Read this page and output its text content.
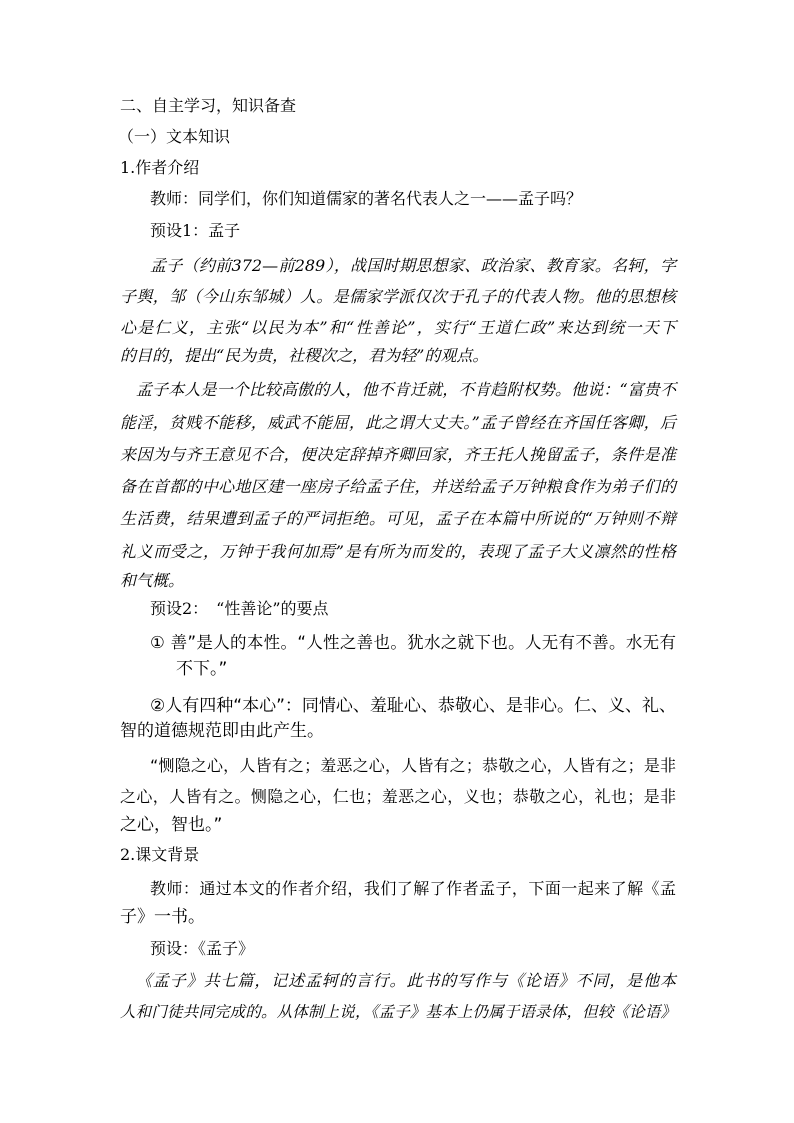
二、自主学习，知识备查
（一）文本知识
1.作者介绍
教师：同学们，你们知道儒家的著名代表人之一——孟子吗？
预设1：孟子
孟子（约前372—前289），战国时期思想家、政治家、教育家。名轲，字
子舆，邹（今山东邹城）人。是儒家学派仅次于孔子的代表人物。他的思想核
心是仁义，主张“以民为本”和“性善论”，实行“王道仁政”来达到统一天下
的目的，提出“民为贵，社稷次之，君为轻”的观点。
孟子本人是一个比较高傲的人，他不肯迁就，不肯趋附权势。他说：“富贵不
能淫，贫贱不能移，威武不能屈，此之谓大丈夫。”孟子曾经在齐国任客卿，后
来因为与齐王意见不合，便决定辞掉齐卿回家，齐王托人挽留孟子，条件是准
备在首都的中心地区建一座房子给孟子住，并送给孟子万钟粮食作为弟子们的
生活费，结果遭到孟子的严词拒绝。可见，孟子在本篇中所说的“万钟则不辩
礼义而受之，万钟于我何加焉”是有所为而发的，表现了孟子大义凛然的性格
和气概。
预设2：　“性善论”的要点
① 善”是人的本性。“人性之善也。犹水之就下也。人无有不善。水无有
不下。”
②人有四种“本心”：同情心、羞耻心、恭敬心、是非心。仁、义、礼、
智的道德规范即由此产生。
“恻隐之心，人皆有之；羞恶之心，人皆有之；恭敬之心，人皆有之；是非
之心，人皆有之。恻隐之心，仁也；羞恶之心，义也；恭敬之心，礼也；是非
之心，智也。”
2.课文背景
教师：通过本文的作者介绍，我们了解了作者孟子，下面一起来了解《孟
子》一书。
预设：《孟子》
《孟子》共七篇，记述孟轲的言行。此书的写作与《论语》不同，是他本
人和门徒共同完成的。从体制上说，《孟子》基本上仍属于语录体，但较《论语》
